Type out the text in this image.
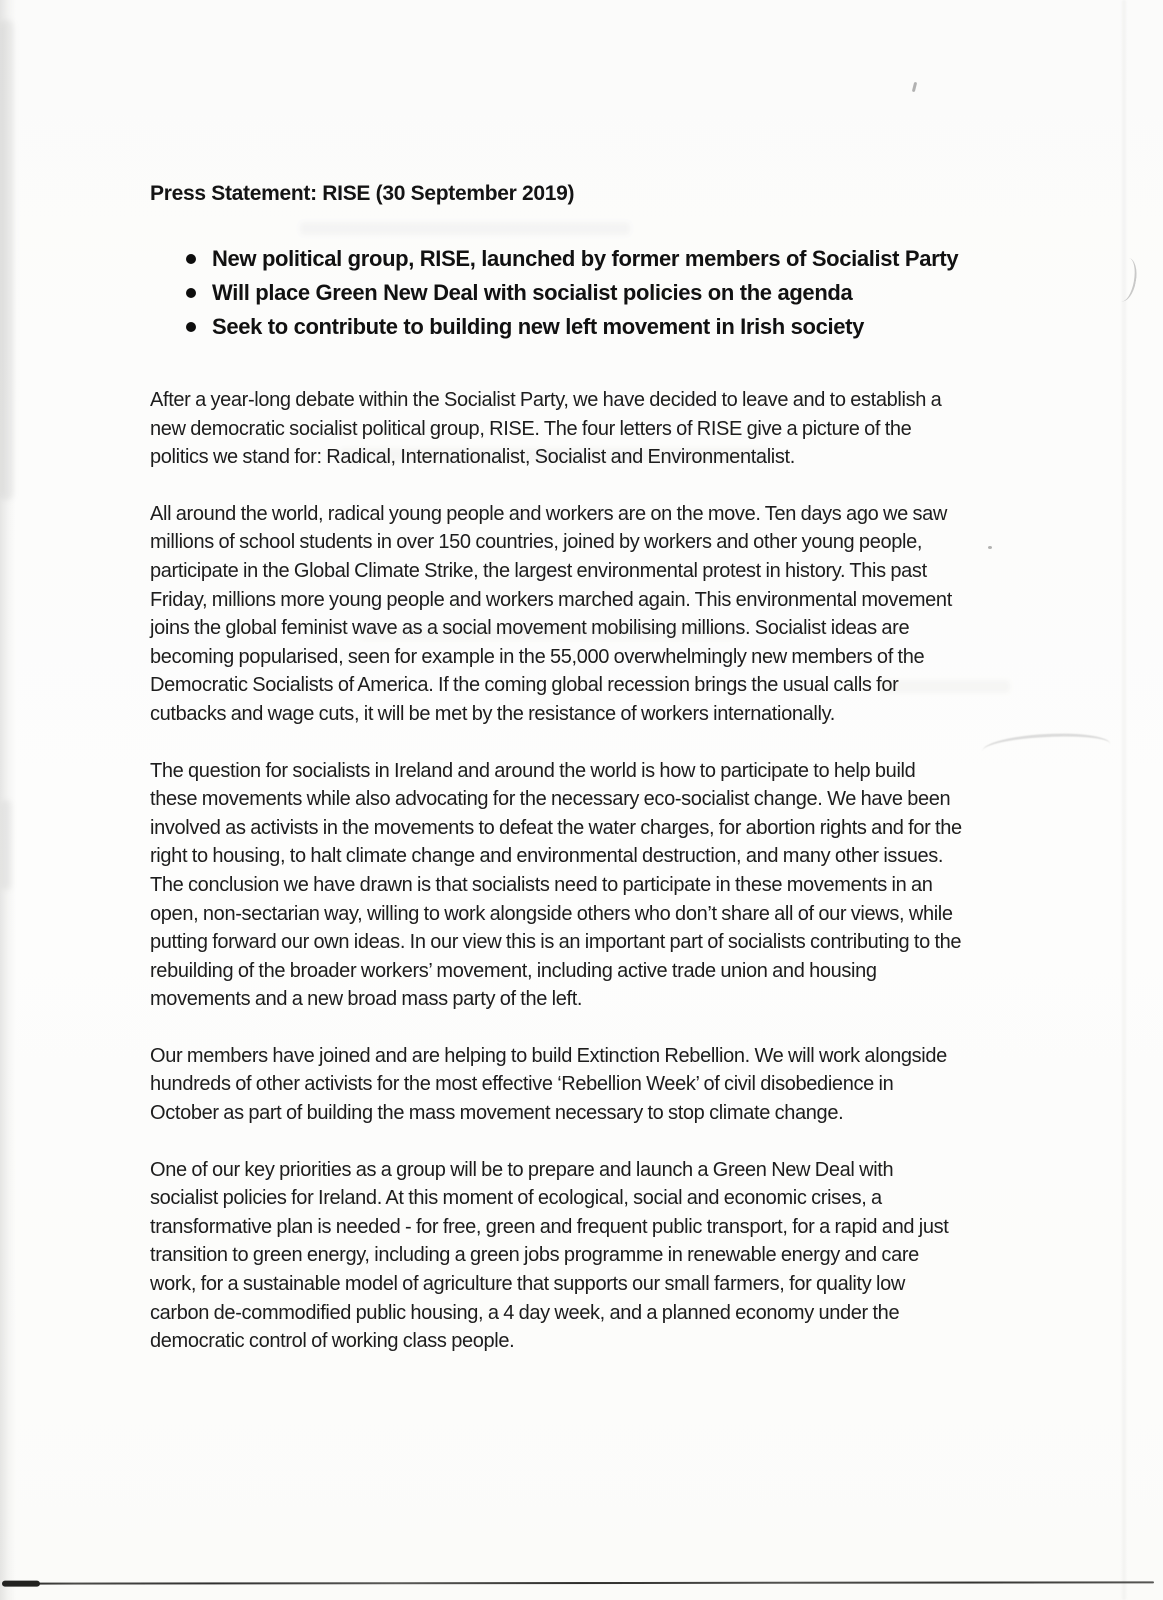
Press Statement: RISE (30 September 2019)
New political group, RISE, launched by former members of Socialist Party
Will place Green New Deal with socialist policies on the agenda
Seek to contribute to building new left movement in Irish society

After a year-long debate within the Socialist Party, we have decided to leave and to establish a new democratic socialist political group, RISE. The four letters of RISE give a picture of the politics we stand for: Radical, Internationalist, Socialist and Environmentalist.

All around the world, radical young people and workers are on the move. Ten days ago we saw millions of school students in over 150 countries, joined by workers and other young people, participate in the Global Climate Strike, the largest environmental protest in history. This past Friday, millions more young people and workers marched again. This environmental movement joins the global feminist wave as a social movement mobilising millions. Socialist ideas are becoming popularised, seen for example in the 55,000 overwhelmingly new members of the Democratic Socialists of America. If the coming global recession brings the usual calls for cutbacks and wage cuts, it will be met by the resistance of workers internationally.

The question for socialists in Ireland and around the world is how to participate to help build these movements while also advocating for the necessary eco-socialist change. We have been involved as activists in the movements to defeat the water charges, for abortion rights and for the right to housing, to halt climate change and environmental destruction, and many other issues. The conclusion we have drawn is that socialists need to participate in these movements in an open, non-sectarian way, willing to work alongside others who don’t share all of our views, while putting forward our own ideas. In our view this is an important part of socialists contributing to the rebuilding of the broader workers’ movement, including active trade union and housing movements and a new broad mass party of the left.

Our members have joined and are helping to build Extinction Rebellion. We will work alongside hundreds of other activists for the most effective ‘Rebellion Week’ of civil disobedience in October as part of building the mass movement necessary to stop climate change.

One of our key priorities as a group will be to prepare and launch a Green New Deal with socialist policies for Ireland. At this moment of ecological, social and economic crises, a transformative plan is needed - for free, green and frequent public transport, for a rapid and just transition to green energy, including a green jobs programme in renewable energy and care work, for a sustainable model of agriculture that supports our small farmers, for quality low carbon de-commodified public housing, a 4 day week, and a planned economy under the democratic control of working class people.
